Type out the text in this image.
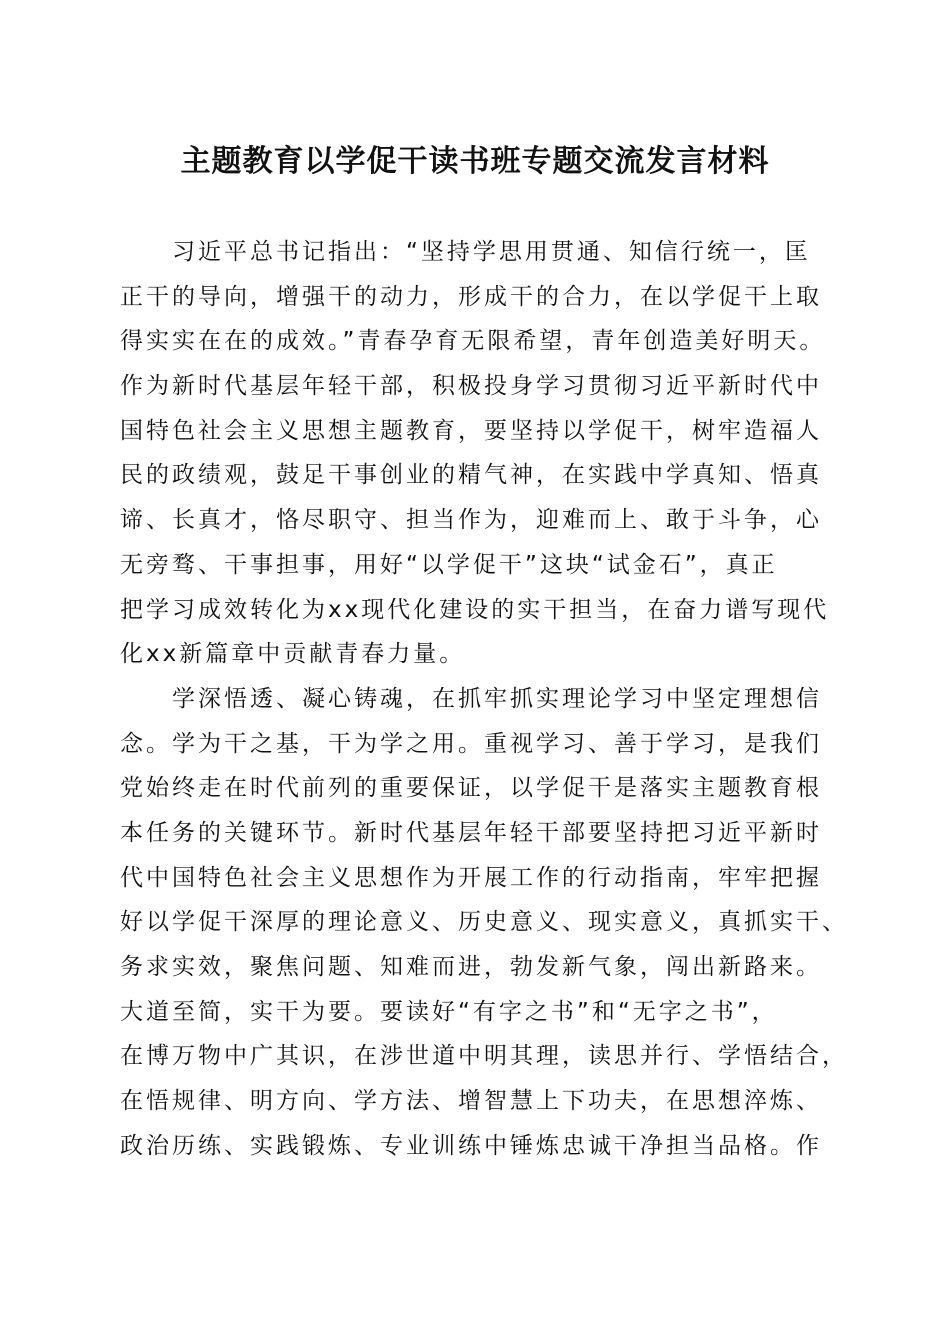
主题教育以学促干读书班专题交流发言材料
习近平总书记指出：“坚持学思用贯通、知信行统一，匡
正干的导向，增强干的动力，形成干的合力，在以学促干上取
得实实在在的成效。”青春孕育无限希望，青年创造美好明天。
作为新时代基层年轻干部，积极投身学习贯彻习近平新时代中
国特色社会主义思想主题教育，要坚持以学促干，树牢造福人
民的政绩观，鼓足干事创业的精气神，在实践中学真知、悟真
谛、长真才，恪尽职守、担当作为，迎难而上、敢于斗争，心
无旁骛、干事担事，用好“以学促干”这块“试金石”，真正
把学习成效转化为xx现代化建设的实干担当，在奋力谱写现代
化xx新篇章中贡献青春力量。
学深悟透、凝心铸魂，在抓牢抓实理论学习中坚定理想信
念。学为干之基，干为学之用。重视学习、善于学习，是我们
党始终走在时代前列的重要保证，以学促干是落实主题教育根
本任务的关键环节。新时代基层年轻干部要坚持把习近平新时
代中国特色社会主义思想作为开展工作的行动指南，牢牢把握
好以学促干深厚的理论意义、历史意义、现实意义，真抓实干、
务求实效，聚焦问题、知难而进，勃发新气象，闯出新路来。
大道至简，实干为要。要读好“有字之书”和“无字之书”，
在博万物中广其识，在涉世道中明其理，读思并行、学悟结合，
在悟规律、明方向、学方法、增智慧上下功夫，在思想淬炼、
政治历练、实践锻炼、专业训练中锤炼忠诚干净担当品格。作
